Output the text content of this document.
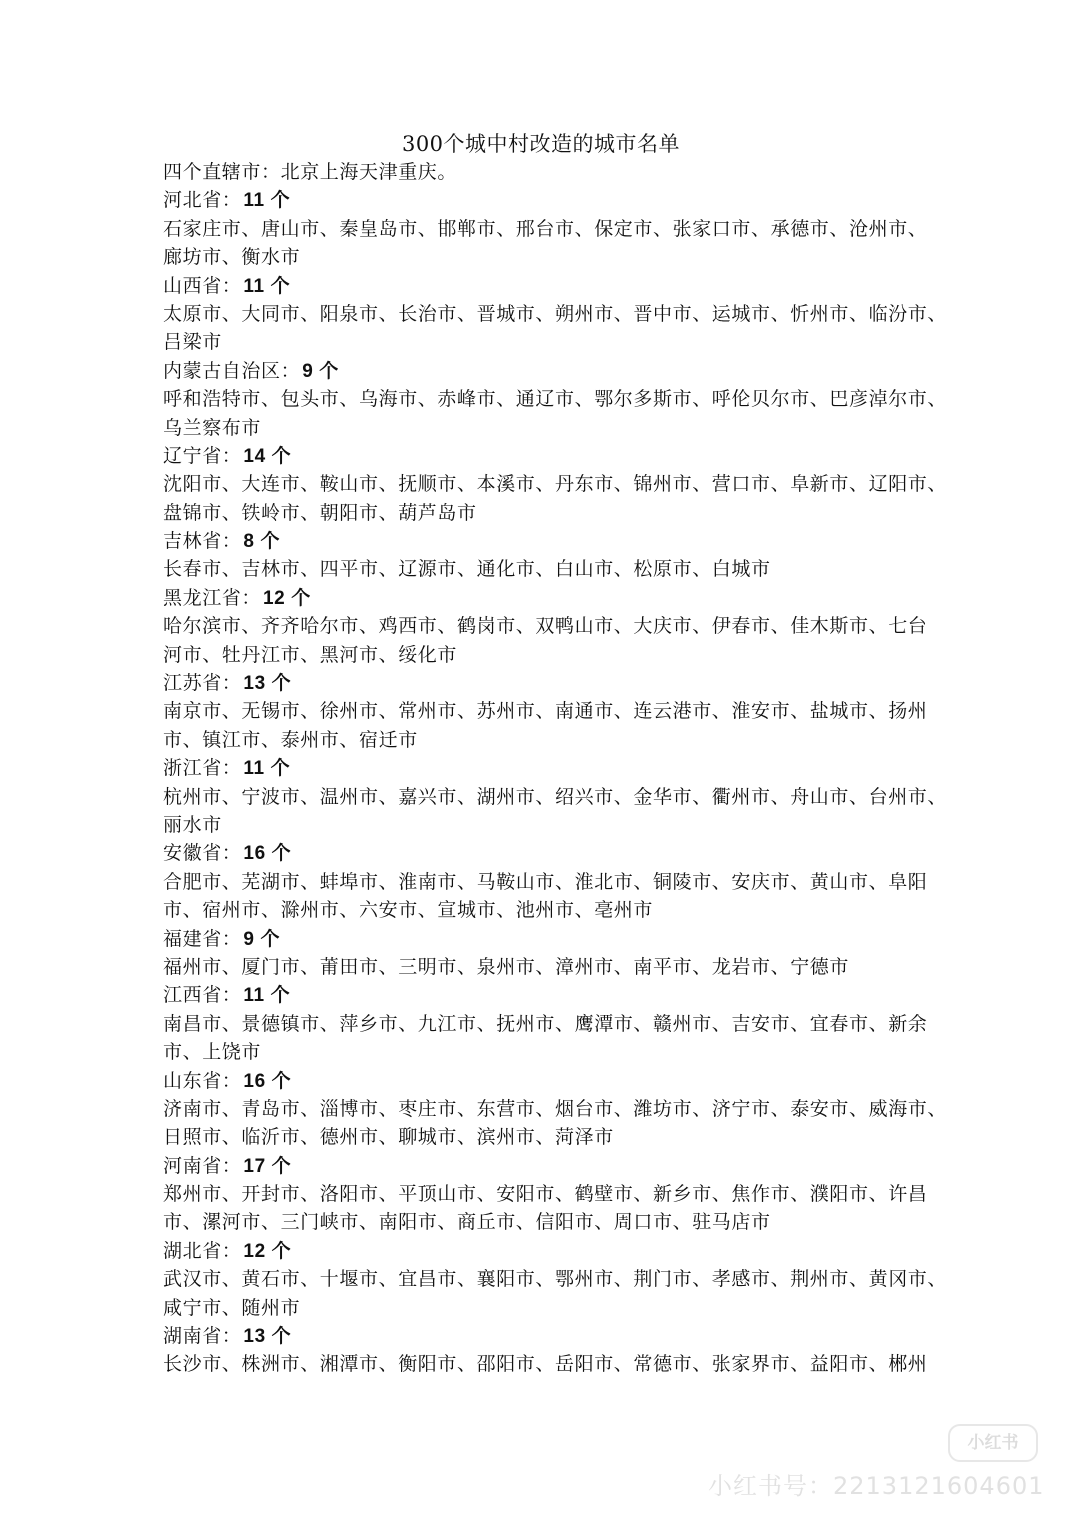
300个城中村改造的城市名单
四个直辖市：北京上海天津重庆。
河北省： 11 个
石家庄市、唐山市、秦皇岛市、邯郸市、邢台市、保定市、张家口市、承德市、沧州市、
廊坊市、衡水市
山西省： 11 个
太原市、大同市、阳泉市、长治市、晋城市、朔州市、晋中市、运城市、忻州市、临汾市、
吕梁市
内蒙古自治区： 9 个
呼和浩特市、包头市、乌海市、赤峰市、通辽市、鄂尔多斯市、呼伦贝尔市、巴彦淖尔市、
乌兰察布市
辽宁省： 14 个
沈阳市、大连市、鞍山市、抚顺市、本溪市、丹东市、锦州市、营口市、阜新市、辽阳市、
盘锦市、铁岭市、朝阳市、葫芦岛市
吉林省： 8 个
长春市、吉林市、四平市、辽源市、通化市、白山市、松原市、白城市
黑龙江省： 12 个
哈尔滨市、齐齐哈尔市、鸡西市、鹤岗市、双鸭山市、大庆市、伊春市、佳木斯市、七台
河市、牡丹江市、黑河市、绥化市
江苏省： 13 个
南京市、无锡市、徐州市、常州市、苏州市、南通市、连云港市、淮安市、盐城市、扬州
市、镇江市、泰州市、宿迁市
浙江省： 11 个
杭州市、宁波市、温州市、嘉兴市、湖州市、绍兴市、金华市、衢州市、舟山市、台州市、
丽水市
安徽省： 16 个
合肥市、芜湖市、蚌埠市、淮南市、马鞍山市、淮北市、铜陵市、安庆市、黄山市、阜阳
市、宿州市、滁州市、六安市、宣城市、池州市、亳州市
福建省： 9 个
福州市、厦门市、莆田市、三明市、泉州市、漳州市、南平市、龙岩市、宁德市
江西省： 11 个
南昌市、景德镇市、萍乡市、九江市、抚州市、鹰潭市、赣州市、吉安市、宜春市、新余
市、上饶市
山东省： 16 个
济南市、青岛市、淄博市、枣庄市、东营市、烟台市、潍坊市、济宁市、泰安市、威海市、
日照市、临沂市、德州市、聊城市、滨州市、菏泽市
河南省： 17 个
郑州市、开封市、洛阳市、平顶山市、安阳市、鹤壁市、新乡市、焦作市、濮阳市、许昌
市、漯河市、三门峡市、南阳市、商丘市、信阳市、周口市、驻马店市
湖北省： 12 个
武汉市、黄石市、十堰市、宜昌市、襄阳市、鄂州市、荆门市、孝感市、荆州市、黄冈市、
咸宁市、随州市
湖南省： 13 个
长沙市、株洲市、湘潭市、衡阳市、邵阳市、岳阳市、常德市、张家界市、益阳市、郴州
小红书
小红书号：2213121604601
